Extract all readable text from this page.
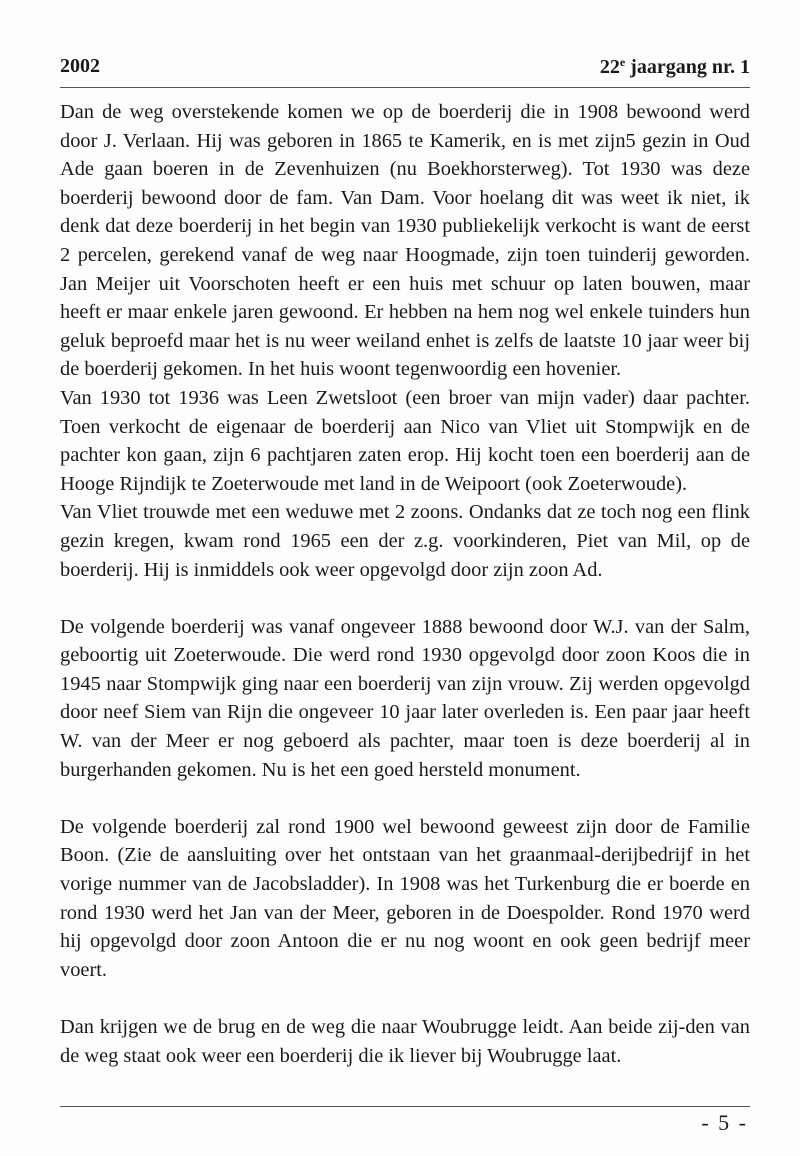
2002	22e jaargang nr. 1

Dan de weg overstekende komen we op de boerderij die in 1908 bewoond werd door J. Verlaan. Hij was geboren in 1865 te Kamerik, en is met zijn5 gezin in Oud Ade gaan boeren in de Zevenhuizen (nu Boekhorsterweg). Tot 1930 was deze boerderij bewoond door de fam. Van Dam. Voor hoelang dit was weet ik niet, ik denk dat deze boerderij in het begin van 1930 publiekelijk verkocht is want de eerst 2 percelen, gerekend vanaf de weg naar Hoogmade, zijn toen tuinderij geworden. Jan Meijer uit Voorschoten heeft er een huis met schuur op laten bouwen, maar heeft er maar enkele jaren gewoond. Er hebben na hem nog wel enkele tuinders hun geluk beproefd maar het is nu weer weiland enhet is zelfs de laatste 10 jaar weer bij de boerderij gekomen. In het huis woont tegenwoordig een hovenier.

Van 1930 tot 1936 was Leen Zwetsloot (een broer van mijn vader) daar pachter. Toen verkocht de eigenaar de boerderij aan Nico van Vliet uit Stompwijk en de pachter kon gaan, zijn 6 pachtjaren zaten erop. Hij kocht toen een boerderij aan de Hooge Rijndijk te Zoeterwoude met land in de Weipoort (ook Zoeterwoude).

Van Vliet trouwde met een weduwe met 2 zoons. Ondanks dat ze toch nog een flink gezin kregen, kwam rond 1965 een der z.g. voorkinderen, Piet van Mil, op de boerderij. Hij is inmiddels ook weer opgevolgd door zijn zoon Ad.

De volgende boerderij was vanaf ongeveer 1888 bewoond door W.J. van der Salm, geboortig uit Zoeterwoude. Die werd rond 1930 opgevolgd door zoon Koos die in 1945 naar Stompwijk ging naar een boerderij van zijn vrouw. Zij werden opgevolgd door neef Siem van Rijn die ongeveer 10 jaar later overleden is. Een paar jaar heeft W. van der Meer er nog geboerd als pachter, maar toen is deze boerderij al in burgerhanden gekomen. Nu is het een goed hersteld monument.

De volgende boerderij zal rond 1900 wel bewoond geweest zijn door de Familie Boon. (Zie de aansluiting over het ontstaan van het graanmaal-derijbedrijf in het vorige nummer van de Jacobsladder). In 1908 was het Turkenburg die er boerde en rond 1930 werd het Jan van der Meer, geboren in de Doespolder. Rond 1970 werd hij opgevolgd door zoon Antoon die er nu nog woont en ook geen bedrijf meer voert.

Dan krijgen we de brug en de weg die naar Woubrugge leidt. Aan beide zij-den van de weg staat ook weer een boerderij die ik liever bij Woubrugge laat.

- 5 -
